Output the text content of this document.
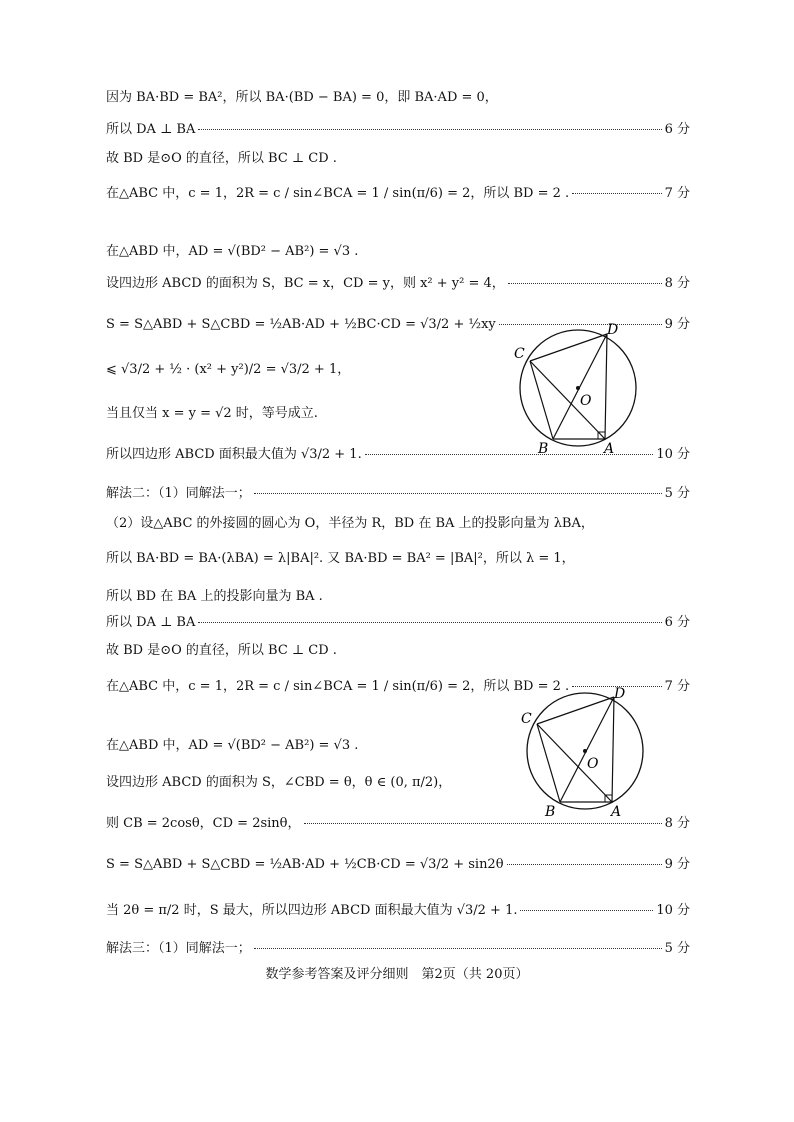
因为 BA·BD = BA²，所以 BA·(BD − BA) = 0，即 BA·AD = 0，
所以 DA ⊥ BA	6 分
故 BD 是⊙O 的直径，所以 BC ⊥ CD .
在△ABC 中，c = 1，2R = c / sin∠BCA = 1 / sin(π/6) = 2，所以 BD = 2 .	7 分
在△ABD 中，AD = √(BD² − AB²) = √3 .
设四边形 ABCD 的面积为 S，BC = x，CD = y，则 x² + y² = 4，	8 分
S = S△ABD + S△CBD = ½AB·AD + ½BC·CD = √3/2 + ½xy	9 分
⩽ √3/2 + ½ · (x² + y²)/2 = √3/2 + 1，
当且仅当 x = y = √2 时，等号成立.
所以四边形 ABCD 面积最大值为 √3/2 + 1.	10 分
解法二：（1）同解法一；	5 分
（2）设△ABC 的外接圆的圆心为 O，半径为 R，BD 在 BA 上的投影向量为 λBA，
所以 BA·BD = BA·(λBA) = λ|BA|². 又 BA·BD = BA² = |BA|²，所以 λ = 1，
所以 BD 在 BA 上的投影向量为 BA .
所以 DA ⊥ BA	6 分
故 BD 是⊙O 的直径，所以 BC ⊥ CD .
在△ABC 中，c = 1，2R = c / sin∠BCA = 1 / sin(π/6) = 2，所以 BD = 2 .	7 分
在△ABD 中，AD = √(BD² − AB²) = √3 .
设四边形 ABCD 的面积为 S，∠CBD = θ，θ ∈ (0, π/2)，
则 CB = 2cosθ，CD = 2sinθ，	8 分
S = S△ABD + S△CBD = ½AB·AD + ½CB·CD = √3/2 + sin2θ	9 分
当 2θ = π/2 时，S 最大，所以四边形 ABCD 面积最大值为 √3/2 + 1.	10 分
解法三：（1）同解法一；	5 分
C
D
O
B	A
C
D
O
B	A
数学参考答案及评分细则　第2页（共 20页）
